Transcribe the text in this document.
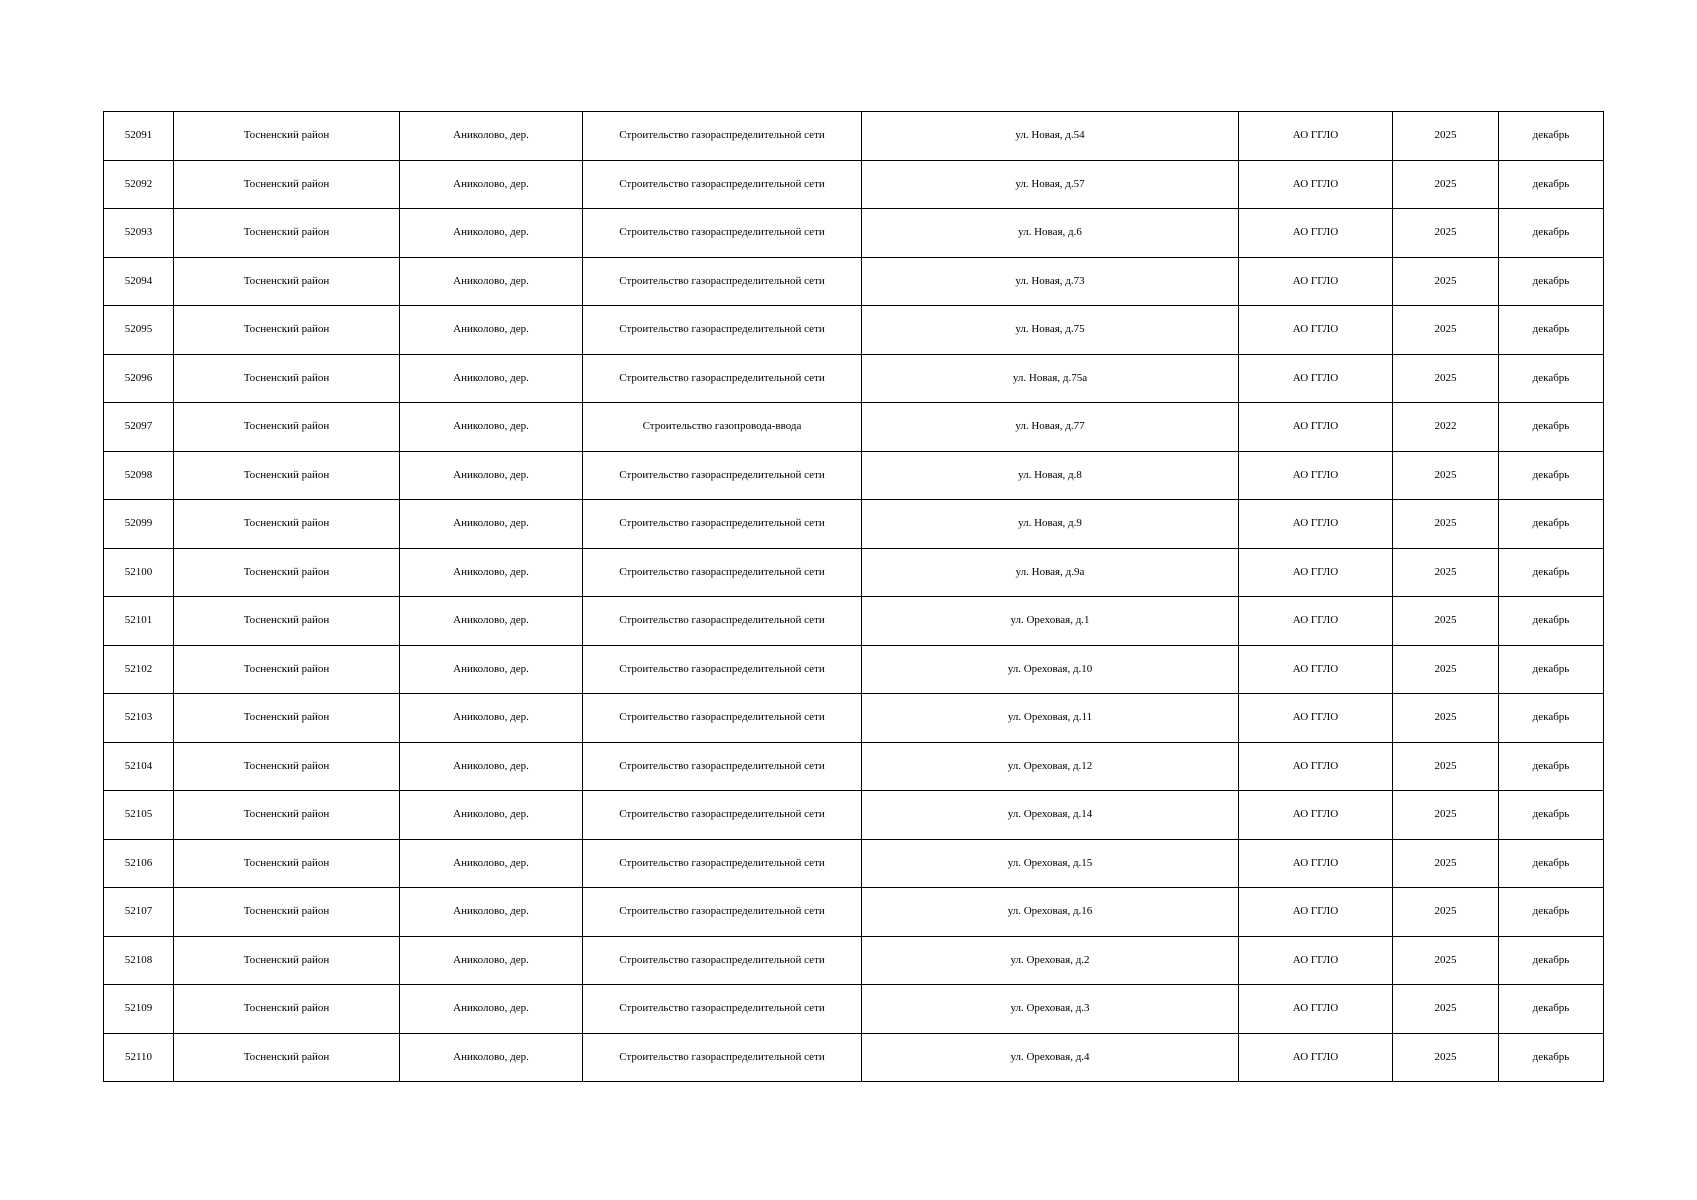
52091	Тосненский район	Аниколово, дер.	Строительство газораспределительной сети	ул. Новая, д.54	АО ГГЛО	2025	декабрь
52092	Тосненский район	Аниколово, дер.	Строительство газораспределительной сети	ул. Новая, д.57	АО ГГЛО	2025	декабрь
52093	Тосненский район	Аниколово, дер.	Строительство газораспределительной сети	ул. Новая, д.6	АО ГГЛО	2025	декабрь
52094	Тосненский район	Аниколово, дер.	Строительство газораспределительной сети	ул. Новая, д.73	АО ГГЛО	2025	декабрь
52095	Тосненский район	Аниколово, дер.	Строительство газораспределительной сети	ул. Новая, д.75	АО ГГЛО	2025	декабрь
52096	Тосненский район	Аниколово, дер.	Строительство газораспределительной сети	ул. Новая, д.75а	АО ГГЛО	2025	декабрь
52097	Тосненский район	Аниколово, дер.	Строительство газопровода-ввода	ул. Новая, д.77	АО ГГЛО	2022	декабрь
52098	Тосненский район	Аниколово, дер.	Строительство газораспределительной сети	ул. Новая, д.8	АО ГГЛО	2025	декабрь
52099	Тосненский район	Аниколово, дер.	Строительство газораспределительной сети	ул. Новая, д.9	АО ГГЛО	2025	декабрь
52100	Тосненский район	Аниколово, дер.	Строительство газораспределительной сети	ул. Новая, д.9а	АО ГГЛО	2025	декабрь
52101	Тосненский район	Аниколово, дер.	Строительство газораспределительной сети	ул. Ореховая, д.1	АО ГГЛО	2025	декабрь
52102	Тосненский район	Аниколово, дер.	Строительство газораспределительной сети	ул. Ореховая, д.10	АО ГГЛО	2025	декабрь
52103	Тосненский район	Аниколово, дер.	Строительство газораспределительной сети	ул. Ореховая, д.11	АО ГГЛО	2025	декабрь
52104	Тосненский район	Аниколово, дер.	Строительство газораспределительной сети	ул. Ореховая, д.12	АО ГГЛО	2025	декабрь
52105	Тосненский район	Аниколово, дер.	Строительство газораспределительной сети	ул. Ореховая, д.14	АО ГГЛО	2025	декабрь
52106	Тосненский район	Аниколово, дер.	Строительство газораспределительной сети	ул. Ореховая, д.15	АО ГГЛО	2025	декабрь
52107	Тосненский район	Аниколово, дер.	Строительство газораспределительной сети	ул. Ореховая, д.16	АО ГГЛО	2025	декабрь
52108	Тосненский район	Аниколово, дер.	Строительство газораспределительной сети	ул. Ореховая, д.2	АО ГГЛО	2025	декабрь
52109	Тосненский район	Аниколово, дер.	Строительство газораспределительной сети	ул. Ореховая, д.3	АО ГГЛО	2025	декабрь
52110	Тосненский район	Аниколово, дер.	Строительство газораспределительной сети	ул. Ореховая, д.4	АО ГГЛО	2025	декабрь
